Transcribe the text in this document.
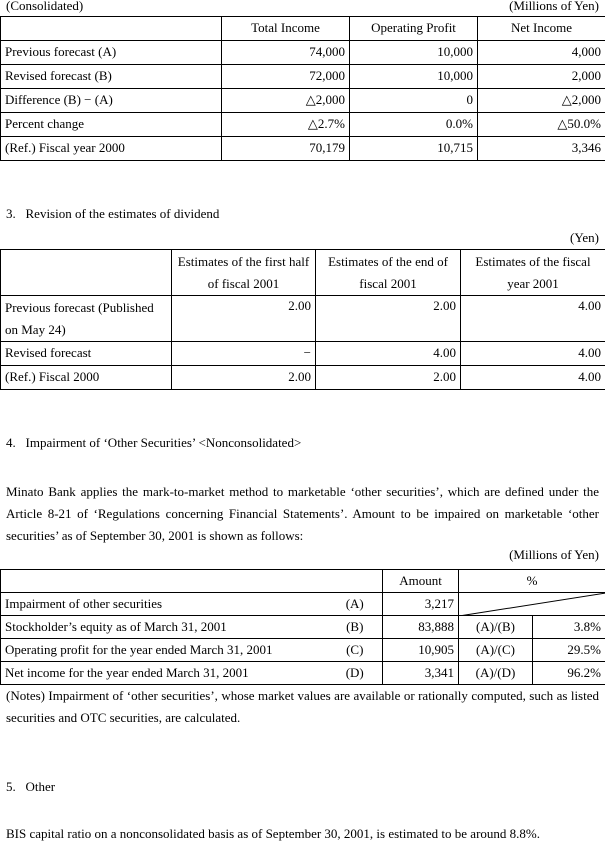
(Consolidated)	(Millions of Yen)
	Total Income	Operating Profit	Net Income
Previous forecast (A)	74,000	10,000	4,000
Revised forecast (B)	72,000	10,000	2,000
Difference (B) − (A)	△2,000	0	△2,000
Percent change	△2.7%	0.0%	△50.0%
(Ref.) Fiscal year 2000	70,179	10,715	3,346
3.   Revision of the estimates of dividend
(Yen)
	Estimates of the first half of fiscal 2001	Estimates of the end of fiscal 2001	Estimates of the fiscal year 2001
Previous forecast (Published on May 24)	2.00	2.00	4.00
Revised forecast	−	4.00	4.00
(Ref.) Fiscal 2000	2.00	2.00	4.00
4.   Impairment of ‘Other Securities’ <Nonconsolidated>
Minato Bank applies the mark-to-market method to marketable ‘other securities’, which are defined under the Article 8-21 of ‘Regulations concerning Financial Statements’. Amount to be impaired on marketable ‘other securities’ as of September 30, 2001 is shown as follows:
(Millions of Yen)
		Amount	%	
Impairment of other securities	(A)	3,217	

Stockholder’s equity as of March 31, 2001	(B)	83,888	(A)/(B)	3.8%
Operating profit for the year ended March 31, 2001	(C)	10,905	(A)/(C)	29.5%
Net income for the year ended March 31, 2001	(D)	3,341	(A)/(D)	96.2%
(Notes) Impairment of ‘other securities’, whose market values are available or rationally computed, such as listed securities and OTC securities, are calculated.
5.   Other
BIS capital ratio on a nonconsolidated basis as of September 30, 2001, is estimated to be around 8.8%.
